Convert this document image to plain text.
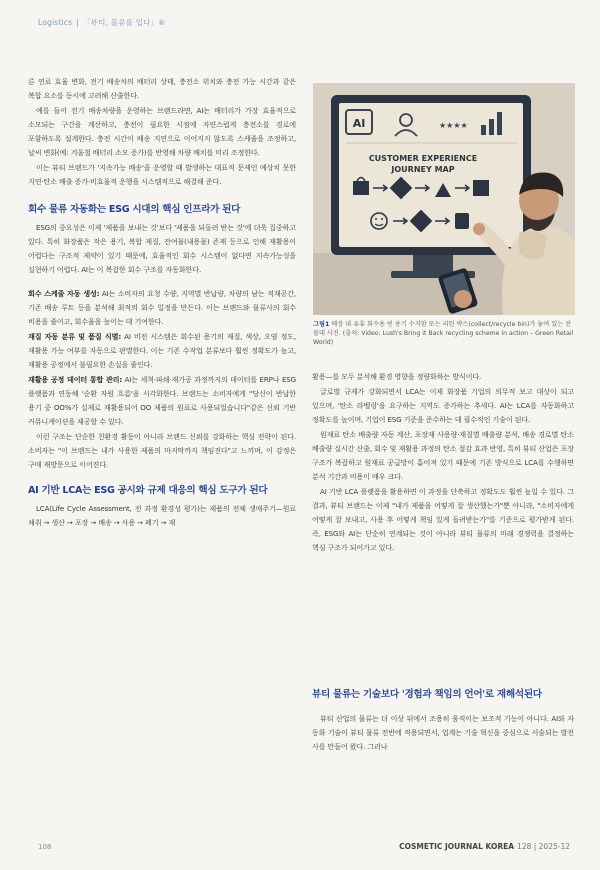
Logistics | 「뷰티, 물류를 입다」⑥

른 연료 효율 변화, 전기 배송차의 배터리 상태, 충전소 위치와 충전 가능 시간과 같은 복합 요소를 동시에 고려해 산출한다.

예를 들어 전기 배송차량을 운영하는 브랜드라면, AI는 배터리가 가장 효율적으로 소모되는 구간을 계산하고, 충전이 필요한 시점에 자연스럽게 충전소를 경로에 포함하도록 설계한다. 충전 시간이 배송 지연으로 이어지지 않도록 스케줄을 조정하고, 날씨 변화(예: 겨울철 배터리 소모 증가)를 반영해 차량 배치를 미리 조정한다.

이는 뷰티 브랜드가 '지속가능 배송'을 운영할 때 발생하는 대표적 문제인 예상치 못한 지연·탄소 배출 증가·비효율적 운행을 시스템적으로 해결해 준다.

회수 물류 자동화는 ESG 시대의 핵심 인프라가 된다

ESG의 중요성은 이제 '제품을 보내는 것'보다 '제품을 되돌려 받는 것'에 더욱 집중하고 있다. 특히 화장품은 작은 용기, 복합 재질, 잔여물(내용물) 존재 등으로 인해 재활용이 어렵다는 구조적 제약이 있기 때문에, 효율적인 회수 시스템이 없다면 지속가능성을 실현하기 어렵다. AI는 이 복잡한 회수 구조를 자동화한다.

회수 스케줄 자동 생성: AI는 소비자의 요청 수량, 지역별 반납량, 차량의 남는 적재공간, 기존 배송 루트 등을 분석해 최적의 회수 일정을 만든다. 이는 브랜드와 물류사의 회수 비용을 줄이고, 회수율을 높이는 데 기여한다.

재질 자동 분류 및 품질 식별: AI 비전 시스템은 회수된 용기의 재질, 색상, 오염 정도, 재활용 가능 여부를 자동으로 판별한다. 이는 기존 수작업 분류보다 훨씬 정확도가 높고, 재활용 공정에서 불필요한 손실을 줄인다.

재활용 공정 데이터 통합 관리: AI는 세척·파쇄·재가공 과정까지의 데이터를 ERP나 ESG 플랫폼과 연동해 '순환 자원 흐름'을 시각화한다. 브랜드는 소비자에게 "당신이 반납한 용기 중 OO%가 실제로 재활용되어 OO 제품의 원료로 사용되었습니다"같은 신뢰 기반 커뮤니케이션을 제공할 수 있다.

이런 구조는 단순한 친환경 활동이 아니라 브랜드 신뢰를 강화하는 핵심 전략이 된다. 소비자는 "이 브랜드는 내가 사용한 제품의 마지막까지 책임진다"고 느끼며, 이 감정은 구매 재방문으로 이어진다.

AI 기반 LCA는 ESG 공시와 규제 대응의 핵심 도구가 된다

LCA(Life Cycle Assessment, 전 과정 환경성 평가)는 제품의 전체 생애주기—원료 채취 → 생산 → 포장 → 배송 → 사용 → 폐기 → 재

AI	★★★★
CUSTOMER EXPERIENCE
JOURNEY MAP
그림1 매장 내 유휴 회수용 빈 용기 수거함 또는 리턴 박스(collect/recycle bin)가 놓여 있는 전물대 사진. (출처: Video: Lush's Bring it Back recycling scheme in action – Green Retail World)

활용—를 모두 분석해 환경 영향을 정량화하는 방식이다.

글로벌 규제가 강화되면서 LCA는 이제 화장품 기업의 의무적 보고 대상이 되고 있으며, '탄소 라벨링'을 요구하는 지역도 증가하는 추세다. AI는 LCA를 자동화하고 정확도를 높이며, 기업이 ESG 기준을 준수하는 데 필수적인 기술이 된다.

원재료 탄소 배출량 자동 계산, 포장재 사용량·재질별 배출량 분석, 배송 경로별 탄소 배출량 실시간 산출, 회수 및 재활용 과정의 탄소 절감 효과 반영, 특히 뷰티 산업은 포장 구조가 복잡하고 원재료 공급망이 흩어져 있기 때문에 기존 방식으로 LCA를 수행하면 분석 기간과 비용이 매우 크다.

AI 기반 LCA 플랫폼을 활용하면 이 과정을 단축하고 정확도도 훨씬 높일 수 있다. 그 결과, 뷰티 브랜드는 이제 "내가 제품을 어떻게 잘 생산했는가"뿐 아니라, "소비자에게 어떻게 잘 보내고, 사용 후 어떻게 책임 있게 돌려받는가"를 기준으로 평가받게 된다. 즉, ESG와 AI는 단순히 연계되는 것이 아니라 뷰티 물류의 미래 경쟁력을 결정하는 핵심 구조가 되어가고 있다.

뷰티 물류는 기술보다 '경험과 책임의 언어'로 재해석된다

뷰티 산업의 물류는 더 이상 뒤에서 조용히 움직이는 보조적 기능이 아니다. AI와 자동화 기술이 뷰티 물류 전반에 적용되면서, 업계는 기술 혁신을 중심으로 서술되는 발전사를 만들어 왔다. 그러나

108	COSMETIC JOURNAL KOREA 128 | 2025-12
